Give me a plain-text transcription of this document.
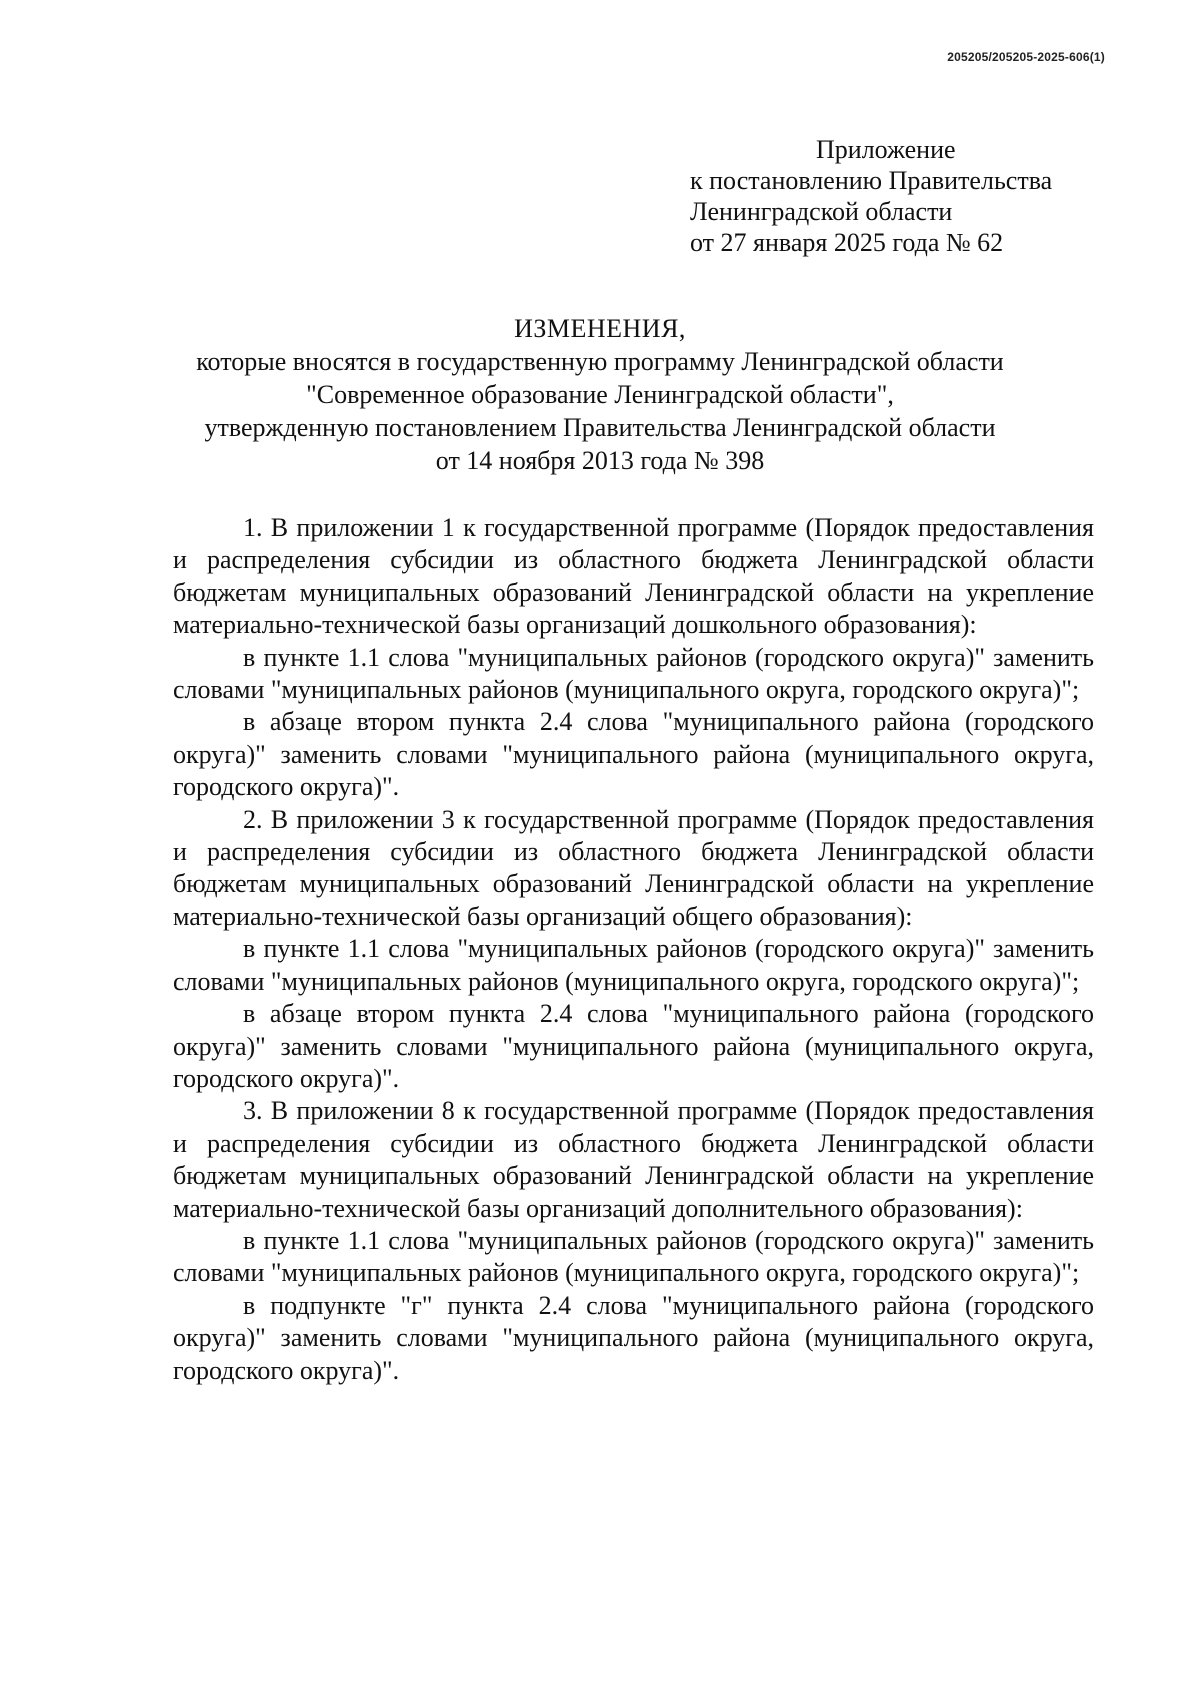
205205/205205-2025-606(1)
Приложение
к постановлению Правительства
Ленинградской области
от 27 января 2025 года № 62
ИЗМЕНЕНИЯ,
которые вносятся в государственную программу Ленинградской области
"Современное образование Ленинградской области",
утвержденную постановлением Правительства Ленинградской области
от 14 ноября 2013 года № 398

1. В приложении 1 к государственной программе (Порядок предоставления и распределения субсидии из областного бюджета Ленинградской области бюджетам муниципальных образований Ленинградской области на укрепление материально-технической базы организаций дошкольного образования):

в пункте 1.1 слова "муниципальных районов (городского округа)" заменить словами "муниципальных районов (муниципального округа, городского округа)";

в абзаце втором пункта 2.4 слова "муниципального района (городского округа)" заменить словами "муниципального района (муниципального округа, городского округа)".

2. В приложении 3 к государственной программе (Порядок предоставления и распределения субсидии из областного бюджета Ленинградской области бюджетам муниципальных образований Ленинградской области на укрепление материально-технической базы организаций общего образования):

в пункте 1.1 слова "муниципальных районов (городского округа)" заменить словами "муниципальных районов (муниципального округа, городского округа)";

в абзаце втором пункта 2.4 слова "муниципального района (городского округа)" заменить словами "муниципального района (муниципального округа, городского округа)".

3. В приложении 8 к государственной программе (Порядок предоставления и распределения субсидии из областного бюджета Ленинградской области бюджетам муниципальных образований Ленинградской области на укрепление материально-технической базы организаций дополнительного образования):

в пункте 1.1 слова "муниципальных районов (городского округа)" заменить словами "муниципальных районов (муниципального округа, городского округа)";

в подпункте "г" пункта 2.4 слова "муниципального района (городского округа)" заменить словами "муниципального района (муниципального округа, городского округа)".
